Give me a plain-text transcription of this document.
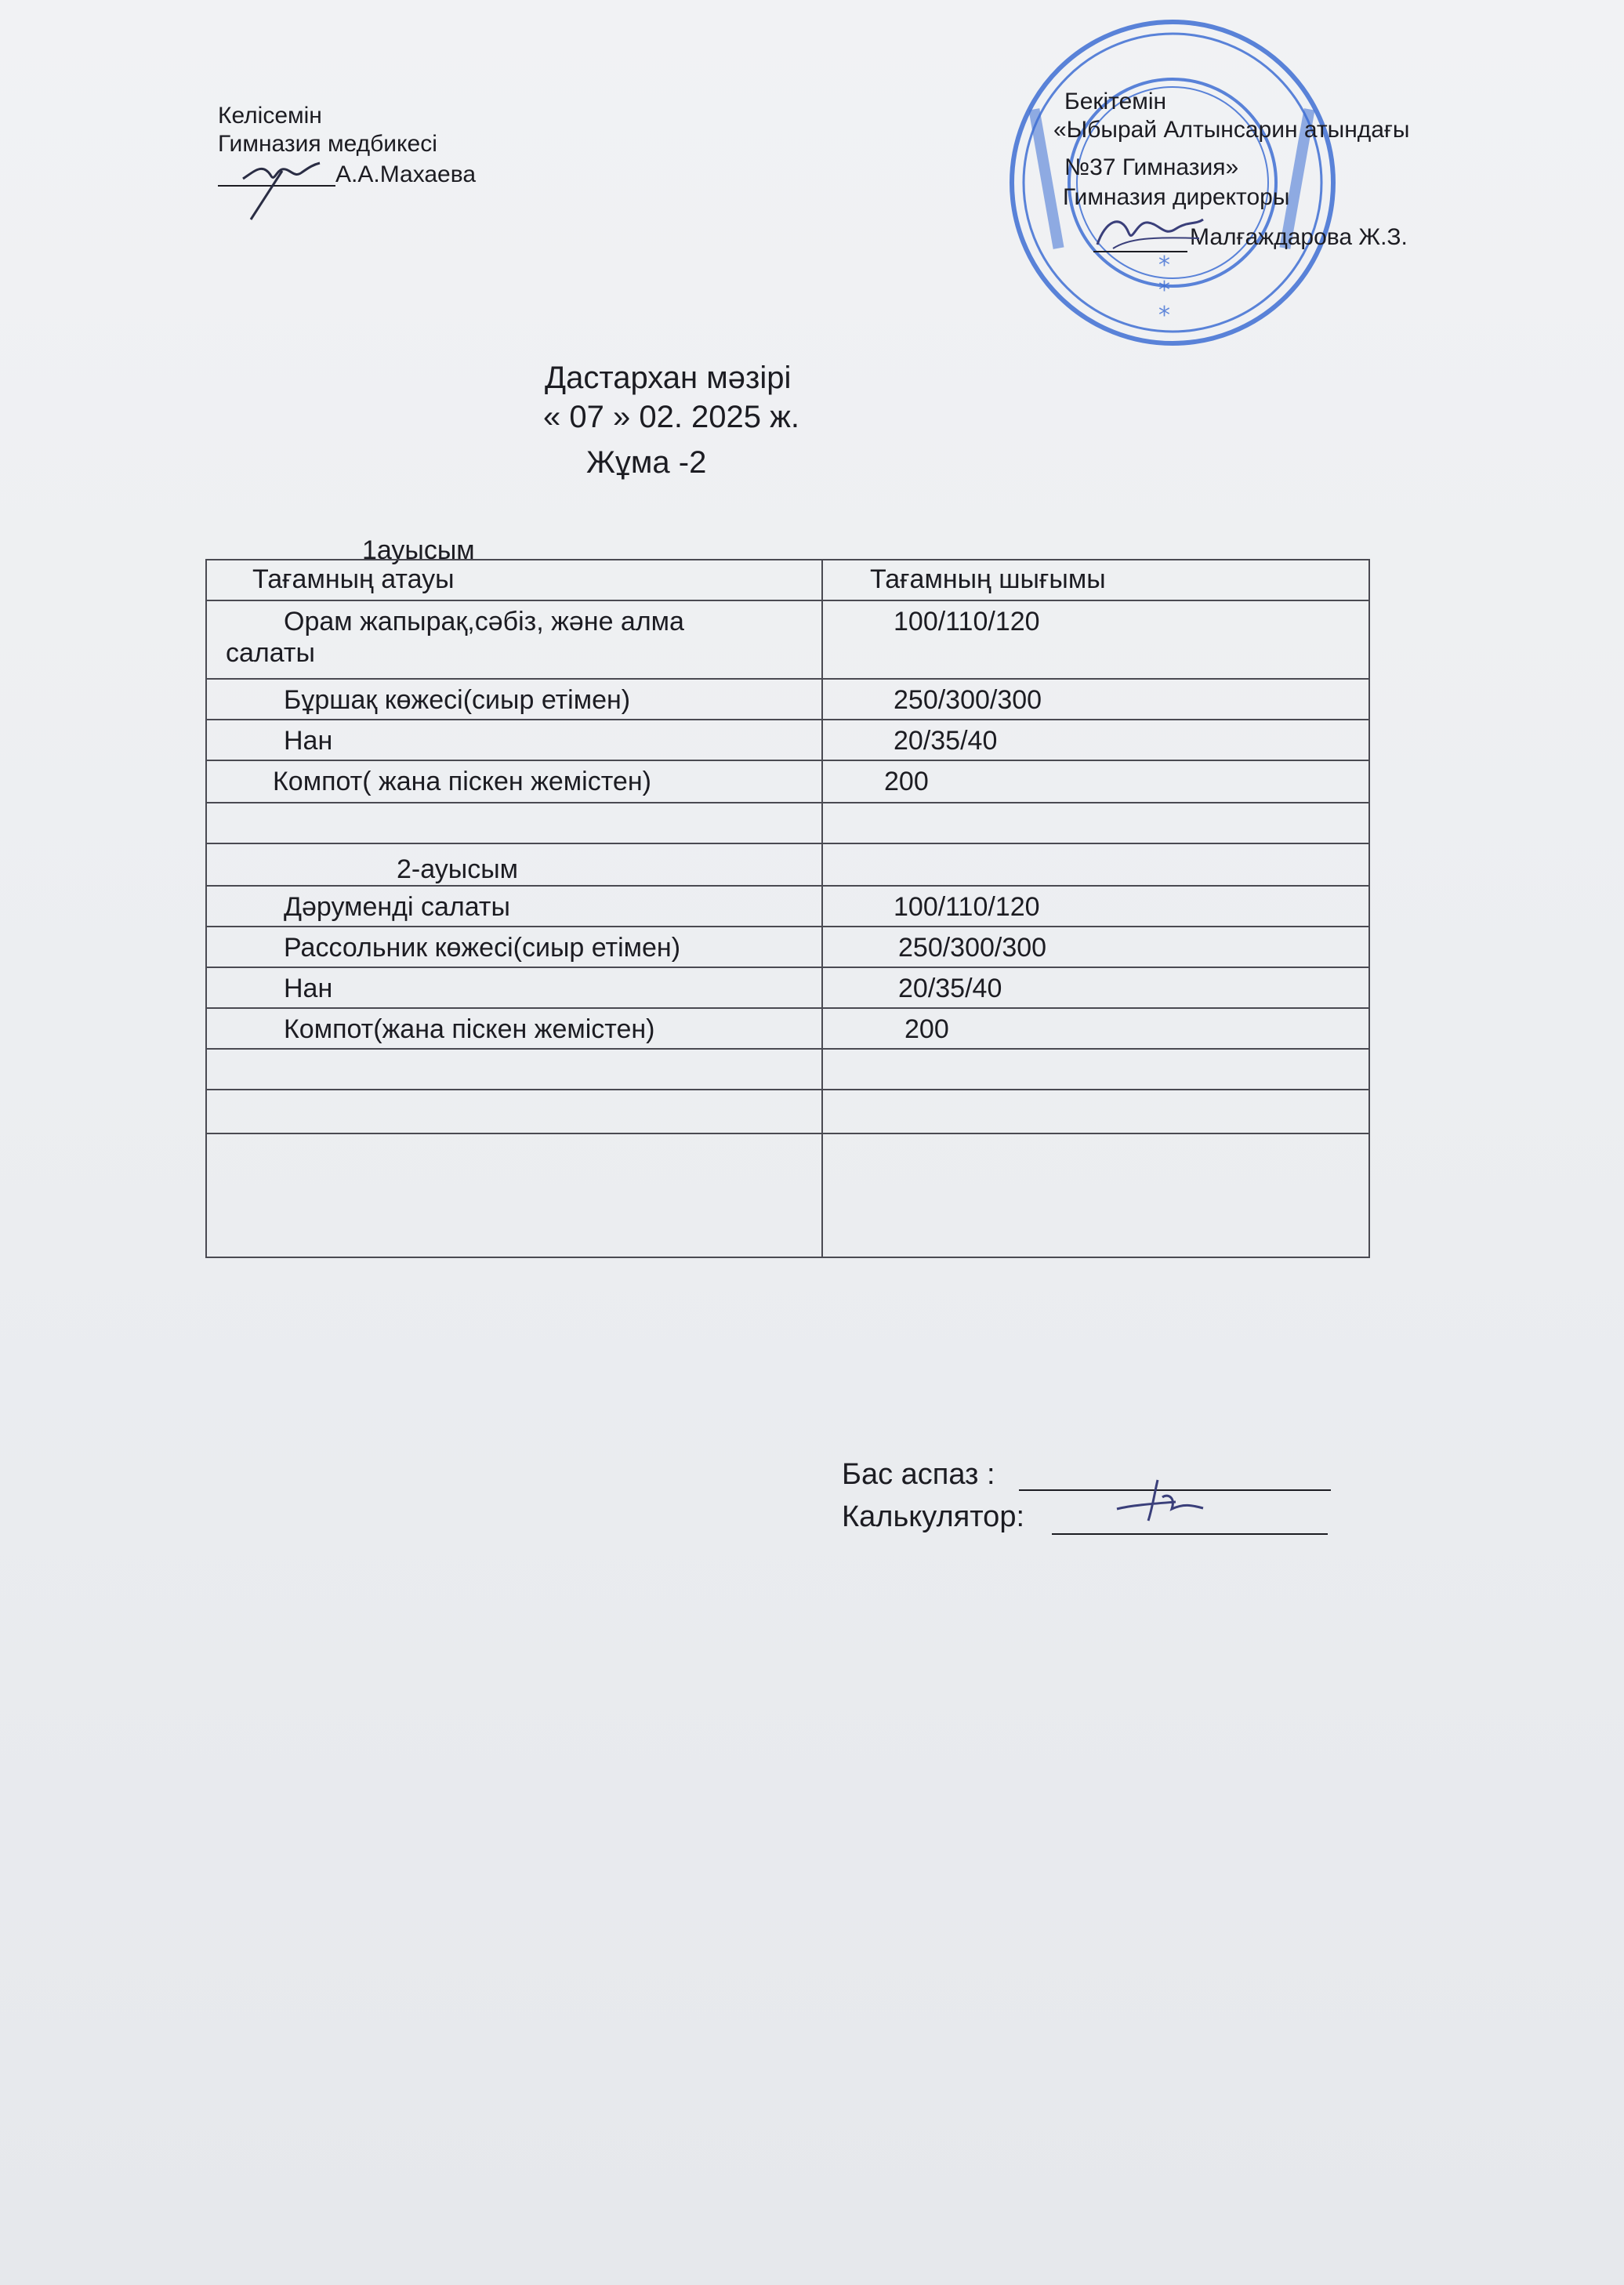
Келісемін
Гимназия медбикесі
А.А.Махаева
*
*
*
Бекітемін
«Ыбырай Алтынсарин атындағы
№37 Гимназия»
Гимназия директоры
Малғаждарова Ж.З.
Дастархан мәзірі
« 07 » 02. 2025 ж.
Жұма -2
1ауысым
Тағамның атауы	Тағамның шығымы

Орам жапырақ,сәбіз, және алма
салаты	100/110/120

Бұршақ көжесі(сиыр етімен)	250/300/300

Нан	20/35/40

Компот( жана піскен жемістен)	200

2-ауысым	

Дәруменді салаты	100/110/120

Рассольник көжесі(сиыр етімен)	250/300/300

Нан	20/35/40

Компот(жана піскен жемістен)	200

Бас аспаз :
Калькулятор:
